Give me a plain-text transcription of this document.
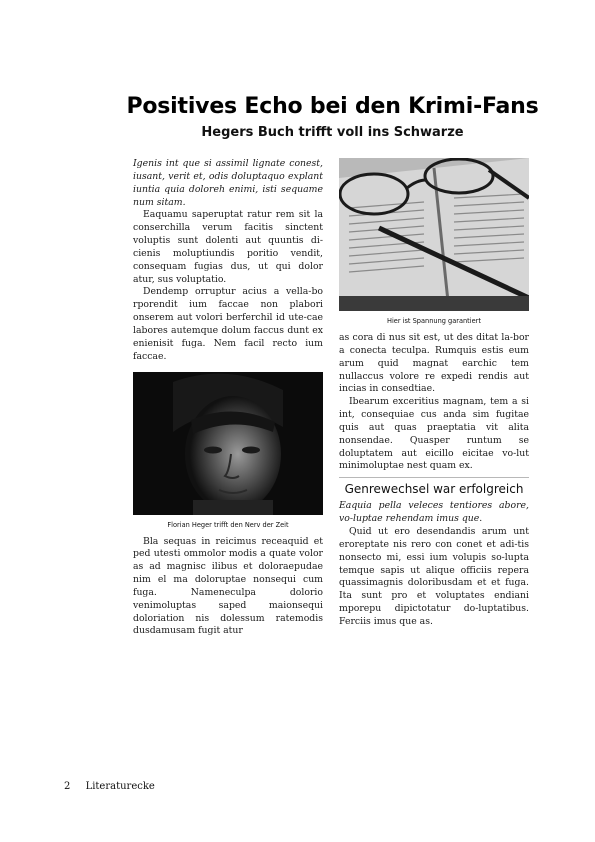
Positives Echo bei den Krimi-Fans
Hegers Buch trifft voll ins Schwarze

Igenis int que si assimil lignate conest, iusant, verit et, odis doluptaquo explant iuntia quia doloreh enimi, isti sequame num sitam.

Eaquamu saperuptat ratur rem sit la conserchilla verum facitis sinctent voluptis sunt dolenti aut quuntis di-cienis moluptiundis poritio vendit, consequam fugias dus, ut qui dolor atur, sus voluptatio.

Dendemp orruptur acius a vella-bo rporendit ium faccae non plabori onserem aut volori berferchil id ute-cae labores autemque dolum faccus dunt ex enienisit fuga. Nem facil recto ium faccae.

Florian Heger trifft den Nerv der Zeit

Bla sequas in reicimus receaquid et ped utesti ommolor modis a quate volor as ad magnisc ilibus et doloraepudae nim el ma doloruptae nonsequi cum fuga. Nameneculpa dolorio venimoluptas saped maionsequi doloriation nis dolessum ratemodis dusdamusam fugit atur

Hier ist Spannung garantiert

as cora di nus sit est, ut des ditat la-bor a conecta teculpa. Rumquis estis eum arum quid magnat earchic tem nullaccus volore re expedi rendis aut incias in consedtiae.

Ibearum exceritius magnam, tem a si int, consequiae cus anda sim fugitae quis aut quas praeptatia vit alita nonsendae. Quasper runtum se doluptatem aut eicillo eicitae vo-lut minimoluptae nest quam ex.

Genrewechsel war erfolgreich

Eaquia pella veleces tentiores abore, vo-luptae rehendam imus que.

Quid ut ero desendandis arum unt eroreptate nis rero con conet et adi-tis nonsecto mi, essi ium volupis so-lupta temque sapis ut alique officiis repera quassimagnis doloribusdam et et fuga. Ita sunt pro et voluptates endiani mporepu dipictotatur do-luptatibus. Ferciis imus que as.

2 Literaturecke
